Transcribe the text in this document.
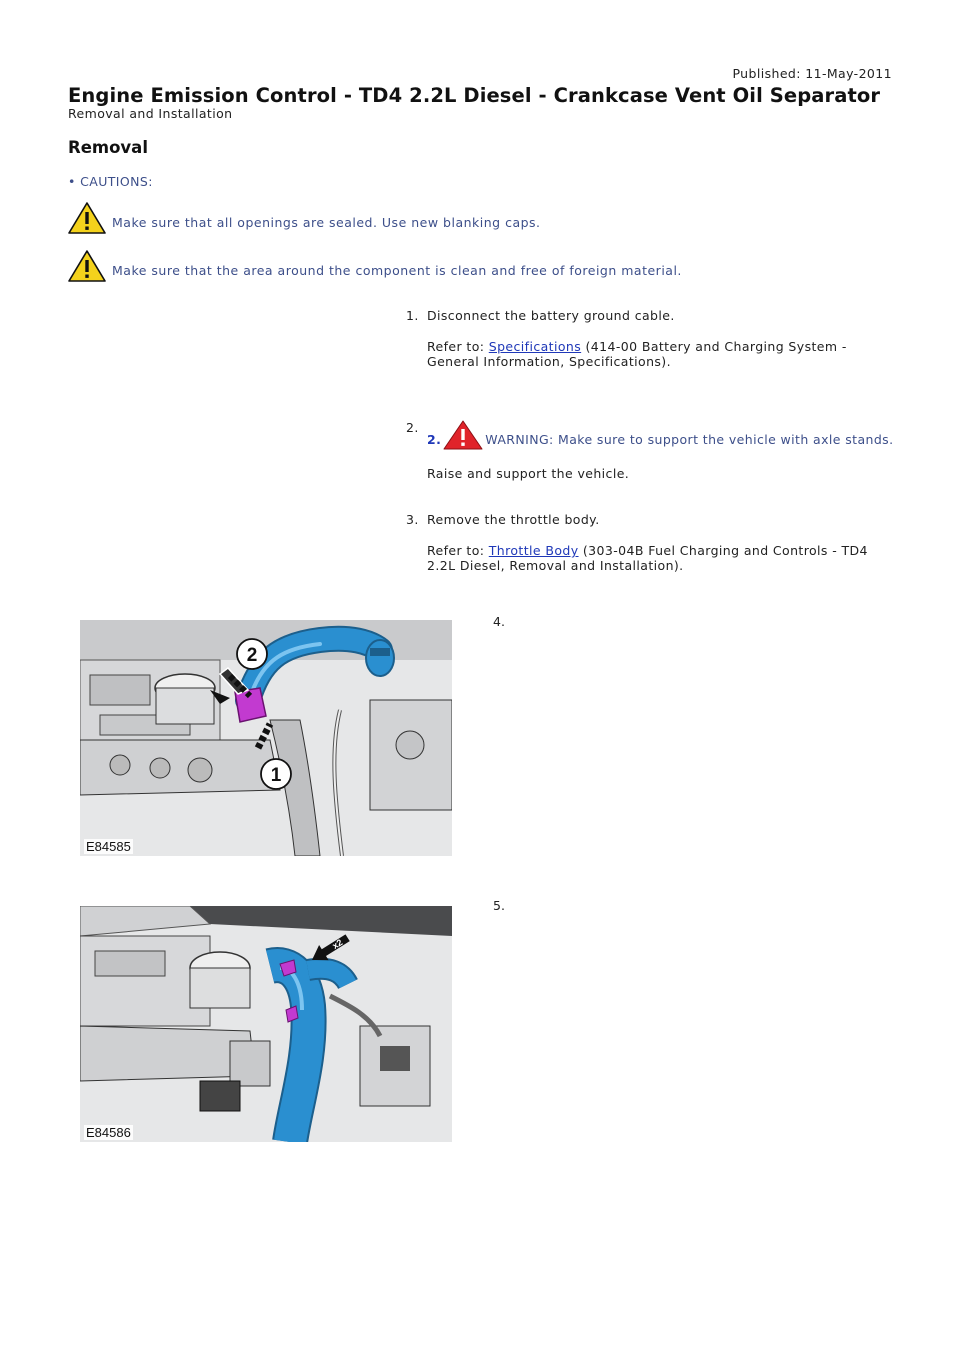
Published: 11-May-2011
Engine Emission Control - TD4 2.2L Diesel - Crankcase Vent Oil Separator
Removal and Installation
Removal
• CAUTIONS:
Make sure that all openings are sealed. Use new blanking caps.
Make sure that the area around the component is clean and free of foreign material.
1. Disconnect the battery ground cable.

Refer to: Specifications (414-00 Battery and Charging System - General Information, Specifications).

2.

2.	WARNING: Make sure to support the vehicle with axle stands.

Raise and support the vehicle.

3. Remove the throttle body.

Refer to: Throttle Body (303-04B Fuel Charging and Controls - TD4 2.2L Diesel, Removal and Installation).

4.
2
1
E84585
5.
x2
E84586
